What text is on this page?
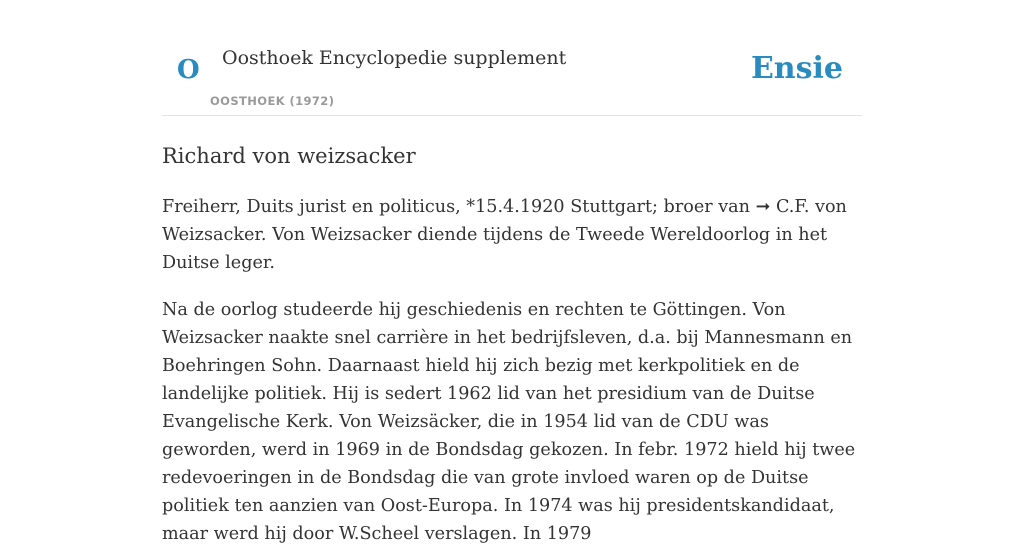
O Oosthoek Encyclopedie supplement
OOSTHOEK (1972)
Ensie
Richard von weizsacker

Freiherr, Duits jurist en politicus, *15.4.1920 Stuttgart; broer van ➞ C.F. von Weizsacker. Von Weizsacker diende tijdens de Tweede Wereldoorlog in het Duitse leger.

Na de oorlog studeerde hij geschiedenis en rechten te Göttingen. Von Weizsacker naakte snel carrière in het bedrijfsleven, d.a. bij Mannesmann en Boehringen Sohn. Daarnaast hield hij zich bezig met kerkpolitiek en de landelijke politiek. Hij is sedert 1962 lid van het presidium van de Duitse Evangelische Kerk. Von Weizsäcker, die in 1954 lid van de CDU was geworden, werd in 1969 in de Bondsdag gekozen. In febr. 1972 hield hij twee redevoeringen in de Bondsdag die van grote invloed waren op de Duitse politiek ten aanzien van Oost-Europa. In 1974 was hij presidentskandidaat, maar werd hij door W.Scheel verslagen. In 1979
